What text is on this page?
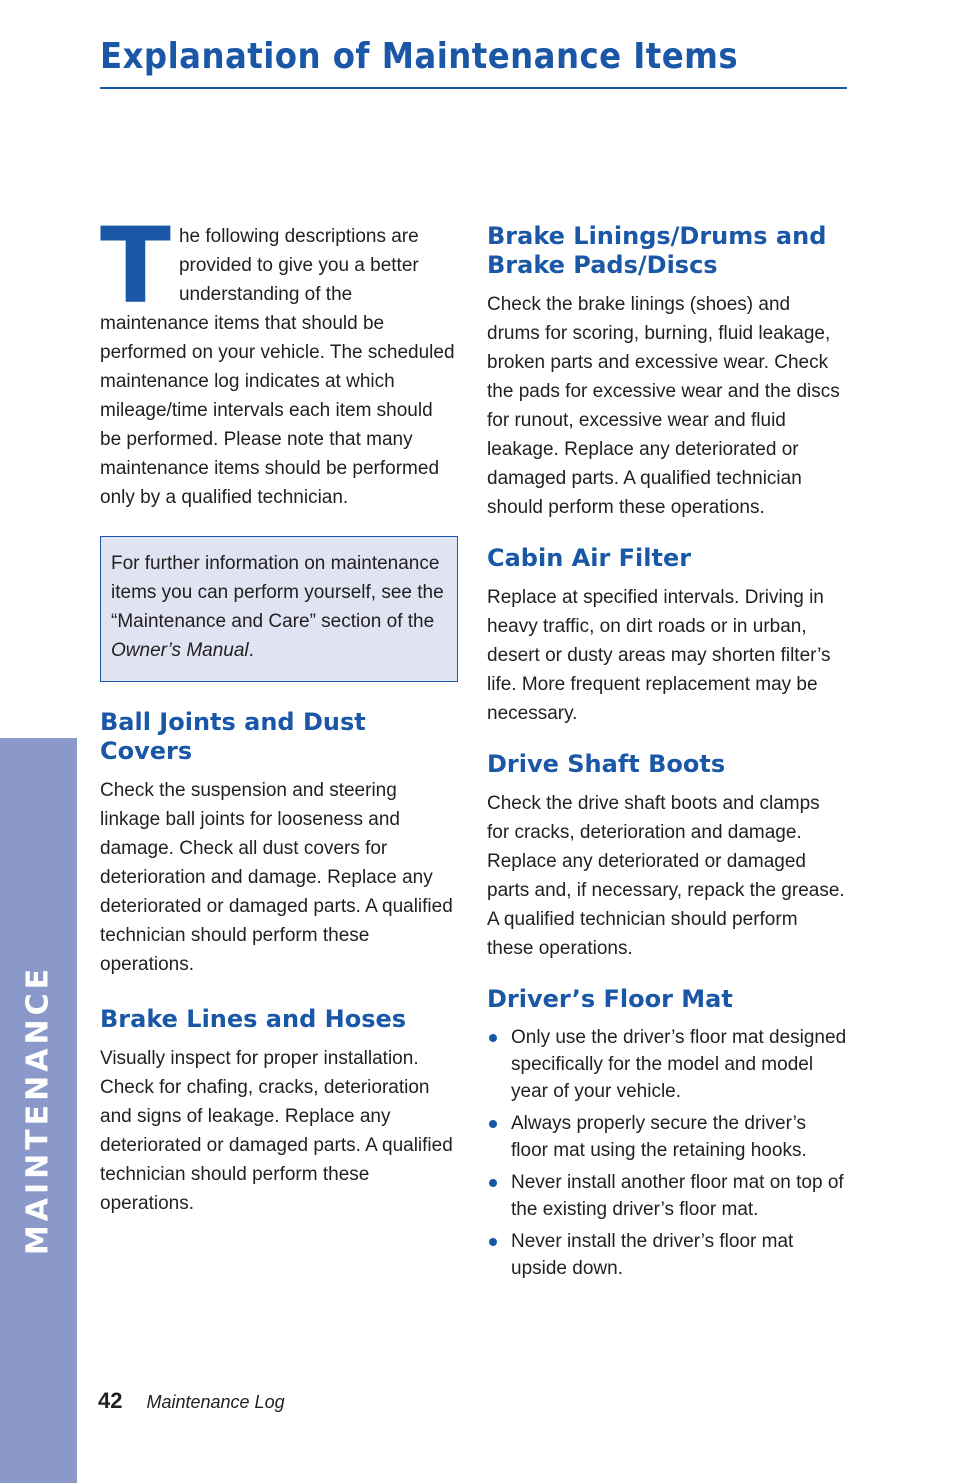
MAINTENANCE
Explanation of Maintenance Items

The following descriptions are provided to give you a better understanding of the maintenance items that should be performed on your vehicle. The scheduled maintenance log indicates at which mileage/time intervals each item should be performed. Please note that many maintenance items should be performed only by a qualified technician.

For further information on maintenance items you can perform yourself, see the “Maintenance and Care” section of the Owner’s Manual.
Ball Joints and Dust Covers

Check the suspension and steering linkage ball joints for looseness and damage. Check all dust covers for deterioration and damage. Replace any deteriorated or damaged parts. A qualified technician should perform these operations.

Brake Lines and Hoses

Visually inspect for proper installation. Check for chafing, cracks, deterioration and signs of leakage. Replace any deteriorated or damaged parts. A qualified technician should perform these operations.

Brake Linings/Drums and Brake Pads/Discs

Check the brake linings (shoes) and drums for scoring, burning, fluid leakage, broken parts and excessive wear. Check the pads for excessive wear and the discs for runout, excessive wear and fluid leakage. Replace any deteriorated or damaged parts. A qualified technician should perform these operations.

Cabin Air Filter

Replace at specified intervals. Driving in heavy traffic, on dirt roads or in urban, desert or dusty areas may shorten filter’s life. More frequent replacement may be necessary.

Drive Shaft Boots

Check the drive shaft boots and clamps for cracks, deterioration and damage. Replace any deteriorated or damaged parts and, if necessary, repack the grease. A qualified technician should perform these operations.

Driver’s Floor Mat
Only use the driver’s floor mat designed specifically for the model and model year of your vehicle.
Always properly secure the driver’s floor mat using the retaining hooks.
Never install another floor mat on top of the existing driver’s floor mat.
Never install the driver’s floor mat upside down.
42 Maintenance Log
